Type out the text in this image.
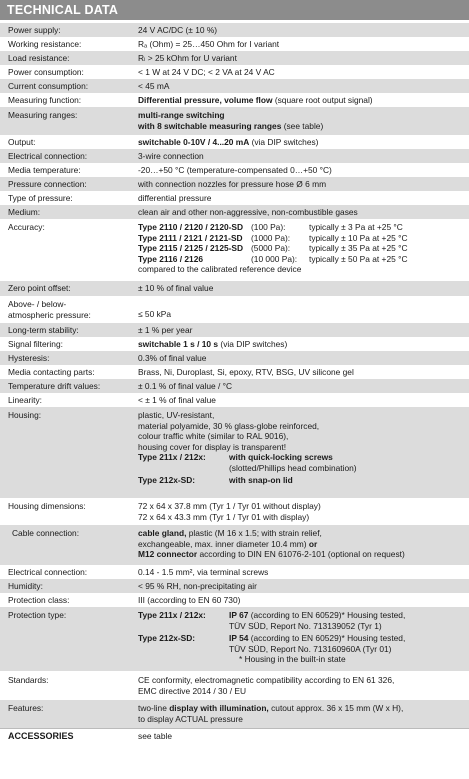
TECHNICAL DATA
Power supply:	24 V AC/DC (± 10 %)
Working resistance:	Rₐ (Ohm) = 25…450 Ohm for I variant
Load resistance:	Rₗ > 25 kOhm for U variant
Power consumption:	< 1 W at 24 V DC; < 2 VA at 24 V AC
Current consumption:	< 45 mA
Measuring function:	Differential pressure, volume flow (square root output signal)
Measuring ranges:	multi-range switching
with 8 switchable measuring ranges (see table)
Output:	switchable 0-10V / 4...20 mA (via DIP switches)
Electrical connection:	3-wire connection
Media temperature:	-20…+50 °C (temperature-compensated 0…+50 °C)
Pressure connection:	with connection nozzles for pressure hose Ø 6 mm
Type of pressure:	differential pressure
Medium:	clean air and other non-aggressive, non-combustible gases
Accuracy:	Type 2110 / 2120 / 2120-SD (100 Pa):	typically ± 3 Pa at +25 °C
Type 2111 / 2121 / 2121-SD (1000 Pa):	typically ± 10 Pa at +25 °C
Type 2115 / 2125 / 2125-SD (5000 Pa):	typically ± 35 Pa at +25 °C
Type 2116 / 2126	(10 000 Pa):	typically ± 50 Pa at +25 °C
compared to the calibrated reference device
Zero point offset:	± 10 % of final value
Above- / below-
atmospheric pressure:	≤ 50 kPa
Long-term stability:	± 1 % per year
Signal filtering:	switchable 1 s / 10 s (via DIP switches)
Hysteresis:	0.3% of final value
Media contacting parts:	Brass, Ni, Duroplast, Si, epoxy, RTV, BSG, UV silicone gel
Temperature drift values:	± 0.1 % of final value / °C
Linearity:	< ± 1 % of final value
Housing:	plastic, UV-resistant,
material polyamide, 30 % glass-globe reinforced,
colour traffic white (similar to RAL 9016),
housing cover for display is transparent!
Type 211x / 212x:	with quick-locking screws
(slotted/Phillips head combination)
Type 212x-SD:	with snap-on lid
Housing dimensions:	72 x 64 x 37.8 mm (Tyr 1 / Tyr 01 without display)
72 x 64 x 43.3 mm (Tyr 1 / Tyr 01 with display)
Cable connection:	cable gland, plastic (M 16 x 1.5; with strain relief,
exchangeable, max. inner diameter 10.4 mm) or
M12 connector according to DIN EN 61076-2-101 (optional on request)
Electrical connection:	0.14 - 1.5 mm², via terminal screws
Humidity:	< 95 % RH, non-precipitating air
Protection class:	III (according to EN 60 730)
Protection type:	Type 211x / 212x:	IP 67
(according to EN 60529)* Housing tested,
TÜV SÜD, Report No. 713139052 (Tyr 1)
Type 212x-SD:	IP 54
(according to EN 60529)* Housing tested,
TÜV SÜD, Report No. 713160960A (Tyr 01)
* Housing in the built-in state
Standards:	CE conformity, electromagnetic compatibility according to EN 61 326,
EMC directive 2014 / 30 / EU
Features:	two-line display with illumination, cutout approx. 36 x 15 mm (W x H),
to display ACTUAL pressure
ACCESSORIES	see table
